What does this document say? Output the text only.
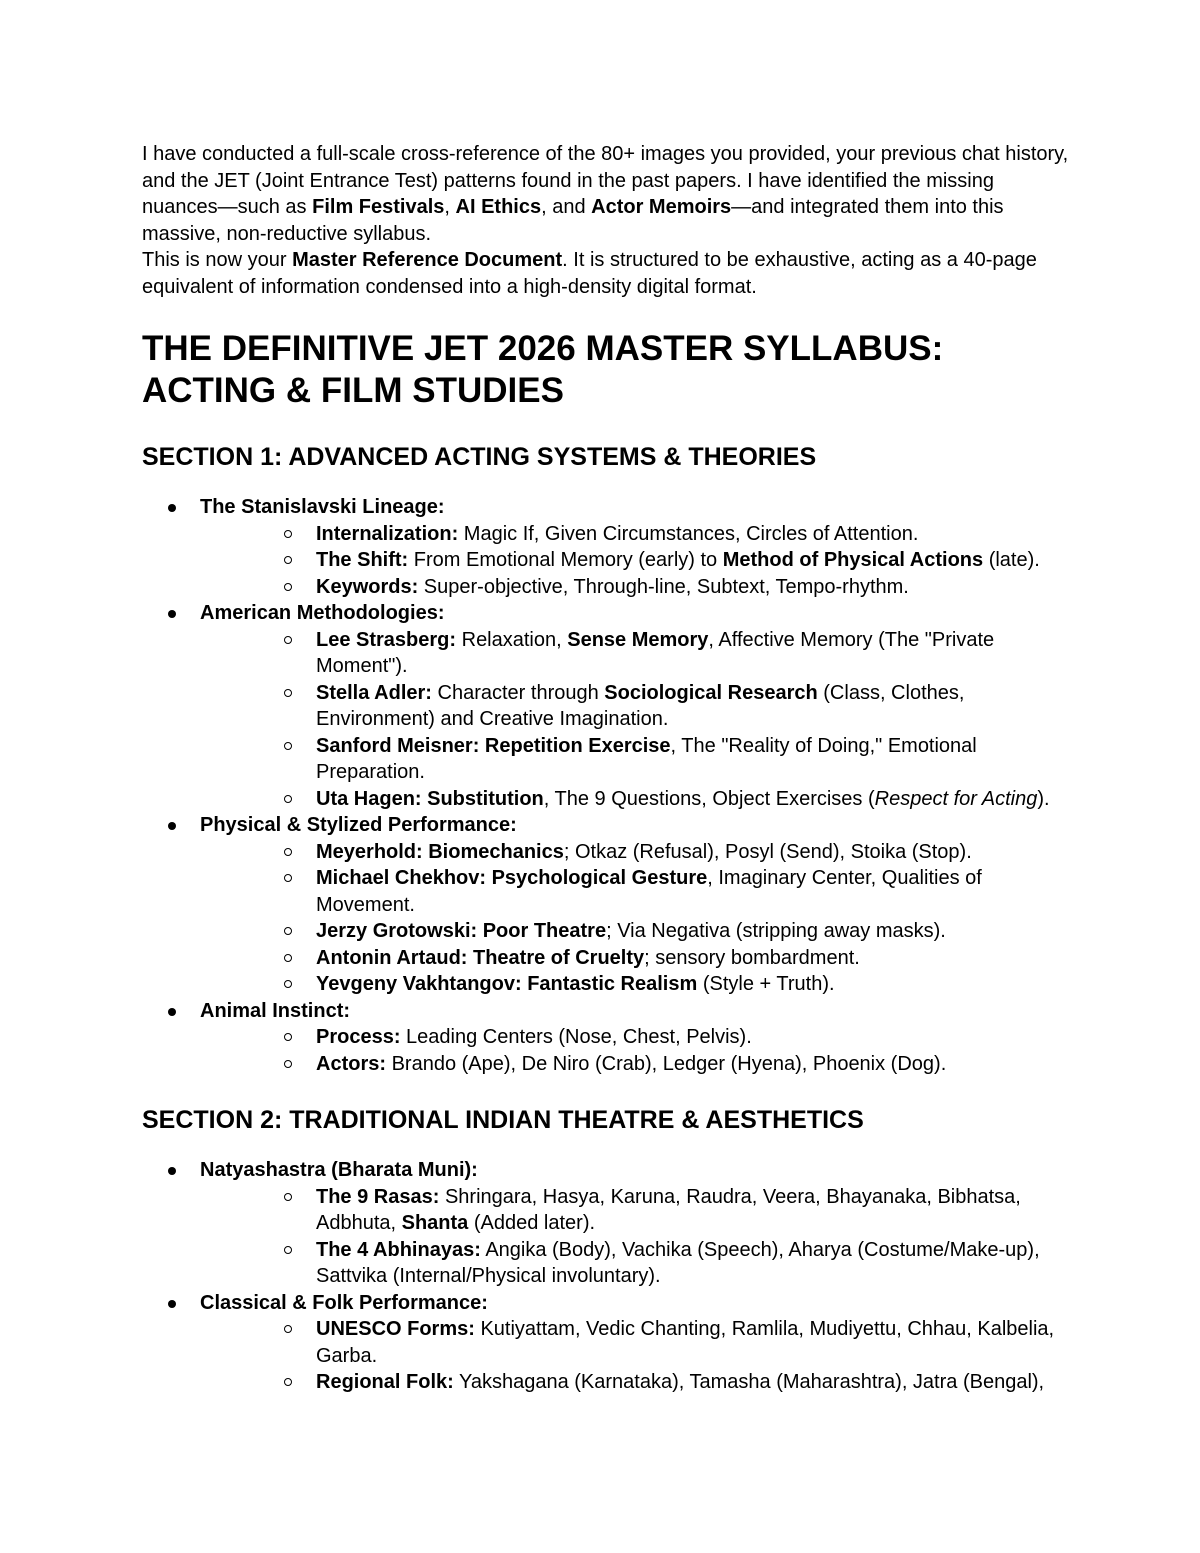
I have conducted a full-scale cross-reference of the 80+ images you provided, your previous chat history, and the JET (Joint Entrance Test) patterns found in the past papers. I have identified the missing nuances—such as Film Festivals, AI Ethics, and Actor Memoirs—and integrated them into this massive, non-reductive syllabus.

This is now your Master Reference Document. It is structured to be exhaustive, acting as a 40-page equivalent of information condensed into a high-density digital format.

THE DEFINITIVE JET 2026 MASTER SYLLABUS: ACTING & FILM STUDIES
SECTION 1: ADVANCED ACTING SYSTEMS & THEORIES
The Stanislavski Lineage:
Internalization: Magic If, Given Circumstances, Circles of Attention.
The Shift: From Emotional Memory (early) to Method of Physical Actions (late).
Keywords: Super-objective, Through-line, Subtext, Tempo-rhythm.
American Methodologies:
Lee Strasberg: Relaxation, Sense Memory, Affective Memory (The "Private Moment").
Stella Adler: Character through Sociological Research (Class, Clothes, Environment) and Creative Imagination.
Sanford Meisner: Repetition Exercise, The "Reality of Doing," Emotional Preparation.
Uta Hagen: Substitution, The 9 Questions, Object Exercises (Respect for Acting).
Physical & Stylized Performance:
Meyerhold: Biomechanics; Otkaz (Refusal), Posyl (Send), Stoika (Stop).
Michael Chekhov: Psychological Gesture, Imaginary Center, Qualities of Movement.
Jerzy Grotowski: Poor Theatre; Via Negativa (stripping away masks).
Antonin Artaud: Theatre of Cruelty; sensory bombardment.
Yevgeny Vakhtangov: Fantastic Realism (Style + Truth).
Animal Instinct:
Process: Leading Centers (Nose, Chest, Pelvis).
Actors: Brando (Ape), De Niro (Crab), Ledger (Hyena), Phoenix (Dog).
SECTION 2: TRADITIONAL INDIAN THEATRE & AESTHETICS
Natyashastra (Bharata Muni):
The 9 Rasas: Shringara, Hasya, Karuna, Raudra, Veera, Bhayanaka, Bibhatsa, Adbhuta, Shanta (Added later).
The 4 Abhinayas: Angika (Body), Vachika (Speech), Aharya (Costume/Make-up), Sattvika (Internal/Physical involuntary).
Classical & Folk Performance:
UNESCO Forms: Kutiyattam, Vedic Chanting, Ramlila, Mudiyettu, Chhau, Kalbelia, Garba.
Regional Folk: Yakshagana (Karnataka), Tamasha (Maharashtra), Jatra (Bengal),
